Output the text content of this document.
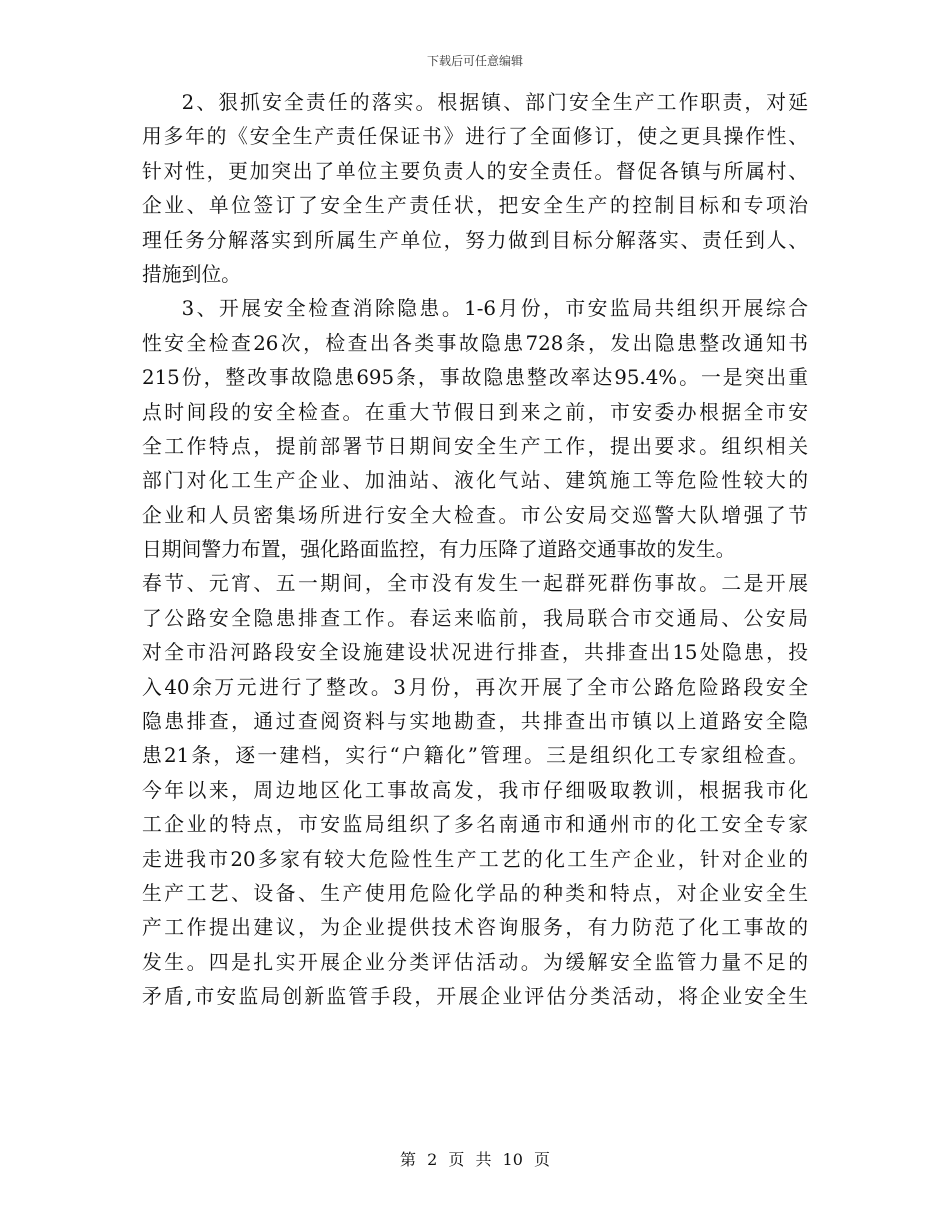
下载后可任意编辑
2、狠抓安全责任的落实。根据镇、部门安全生产工作职责，对延
用多年的《安全生产责任保证书》进行了全面修订，使之更具操作性、
针对性，更加突出了单位主要负责人的安全责任。督促各镇与所属村、
企业、单位签订了安全生产责任状，把安全生产的控制目标和专项治
理任务分解落实到所属生产单位，努力做到目标分解落实、责任到人、
措施到位。
3、开展安全检查消除隐患。1-6月份，市安监局共组织开展综合
性安全检查26次，检查出各类事故隐患728条，发出隐患整改通知书
215份，整改事故隐患695条，事故隐患整改率达95.4%。一是突出重
点时间段的安全检查。在重大节假日到来之前，市安委办根据全市安
全工作特点，提前部署节日期间安全生产工作，提出要求。组织相关
部门对化工生产企业、加油站、液化气站、建筑施工等危险性较大的
企业和人员密集场所进行安全大检查。市公安局交巡警大队增强了节
日期间警力布置，强化路面监控，有力压降了道路交通事故的发生。
春节、元宵、五一期间，全市没有发生一起群死群伤事故。二是开展
了公路安全隐患排查工作。春运来临前，我局联合市交通局、公安局
对全市沿河路段安全设施建设状况进行排查，共排查出15处隐患，投
入40余万元进行了整改。3月份，再次开展了全市公路危险路段安全
隐患排查，通过查阅资料与实地勘查，共排查出市镇以上道路安全隐
患21条，逐一建档，实行“户籍化”管理。三是组织化工专家组检查。
今年以来，周边地区化工事故高发，我市仔细吸取教训，根据我市化
工企业的特点，市安监局组织了多名南通市和通州市的化工安全专家
走进我市20多家有较大危险性生产工艺的化工生产企业，针对企业的
生产工艺、设备、生产使用危险化学品的种类和特点，对企业安全生
产工作提出建议，为企业提供技术咨询服务，有力防范了化工事故的
发生。四是扎实开展企业分类评估活动。为缓解安全监管力量不足的
矛盾,市安监局创新监管手段，开展企业评估分类活动，将企业安全生
第 2 页 共 10 页
